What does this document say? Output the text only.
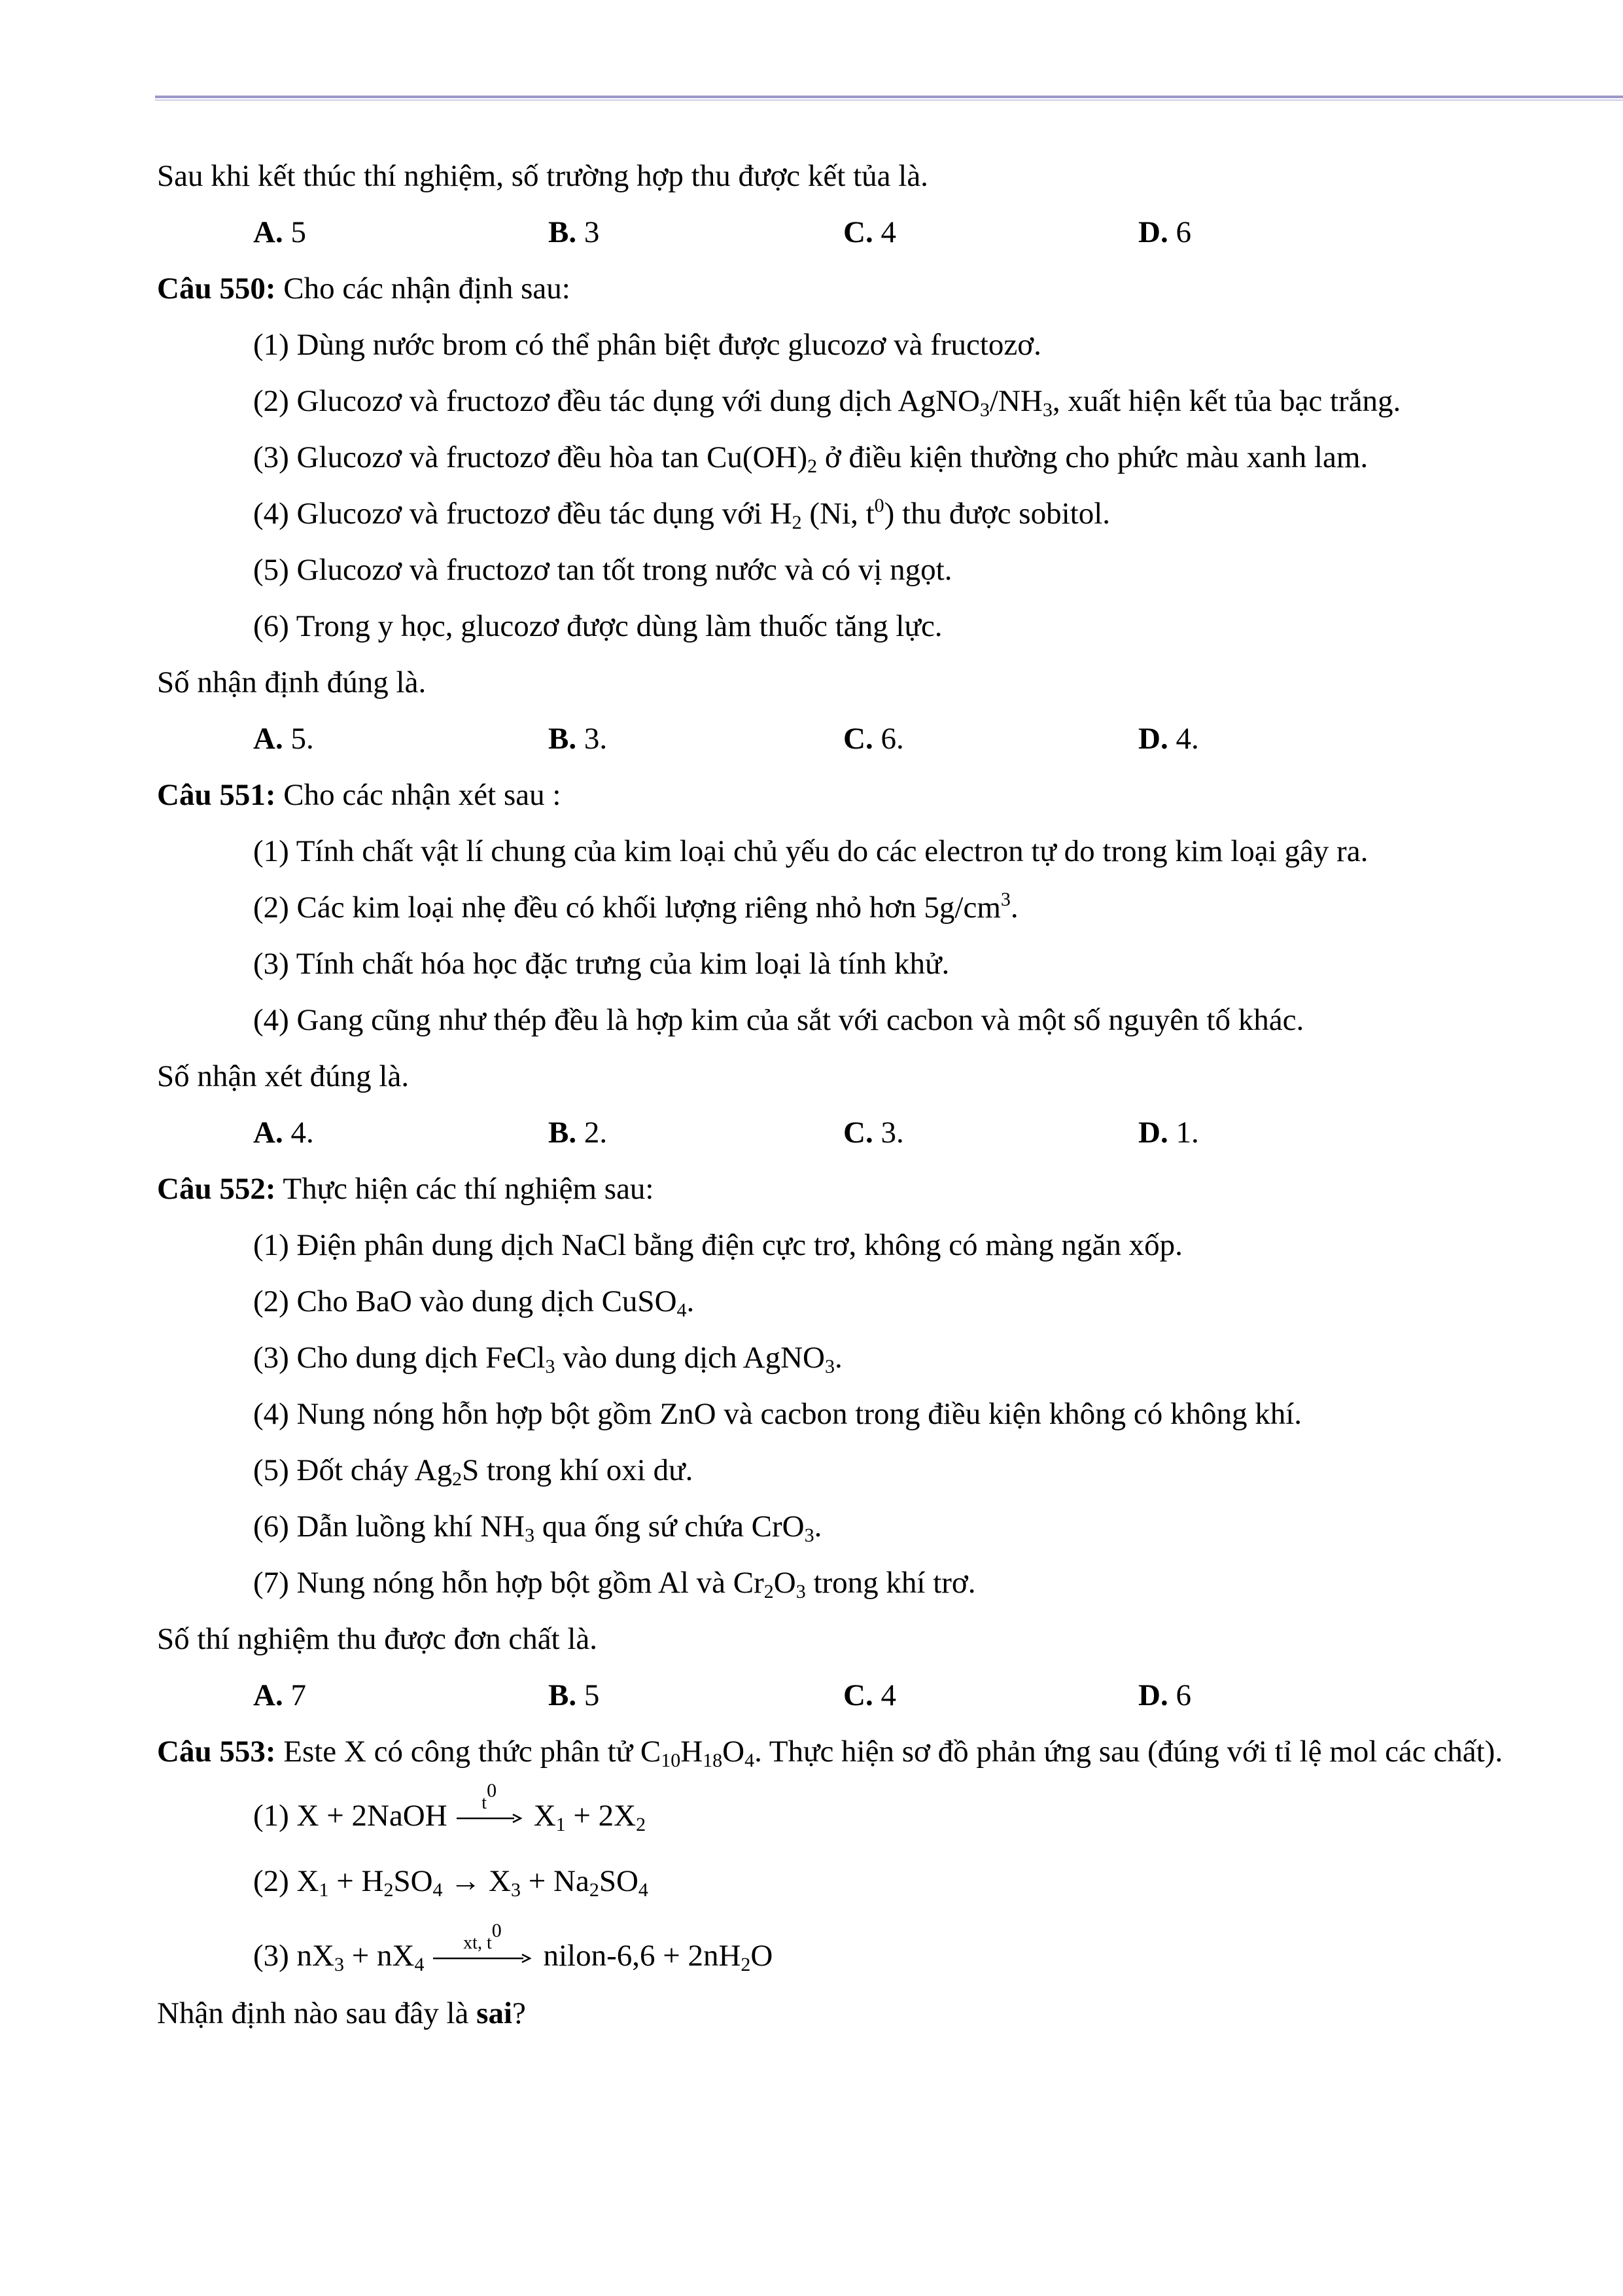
Sau khi kết thúc thí nghiệm, số trường hợp thu được kết tủa là.
A. 5	B. 3	C. 4	D. 6
Câu 550: Cho các nhận định sau:
(1) Dùng nước brom có thể phân biệt được glucozơ và fructozơ.
(2) Glucozơ và fructozơ đều tác dụng với dung dịch $AgNO_3/NH_3$, xuất hiện kết tủa bạc trắng.
(3) Glucozơ và fructozơ đều hòa $\tan Cu(OH)_2$ ở điều kiện thường cho phức màu xanh lam.
(4) Glucozơ và fructozơ đều tác dụng với $H_2$ (Ni, $t^0$) thu được sobitol.
(5) Glucozơ và fructozơ tan tốt trong nước và có vị ngọt.
(6) Trong y học, glucozơ được dùng làm thuốc tăng lực.
Số nhận định đúng là.
A. 5.	B. 3.	C. 6.	D. 4.
Câu 551: Cho các nhận xét sau :
(1) Tính chất vật lí chung của kim loại chủ yếu do các electron tự do trong kim loại gây ra.
(2) Các kim loại nhẹ đều có khối lượng riêng nhỏ hơn $5g/cm^3$.
(3) Tính chất hóa học đặc trưng của kim loại là tính khử.
(4) Gang cũng như thép đều là hợp kim của sắt với cacbon và một số nguyên tố khác.
Số nhận xét đúng là.
A. 4.	B. 2.	C. 3.	D. 1.
Câu 552: Thực hiện các thí nghiệm sau:
(1) Điện phân dung dịch NaCl bằng điện cực trơ, không có màng ngăn xốp.
(2) Cho BaO vào dung dịch CuSO$_4$.
(3) Cho dung dịch FeCl$_3$ vào dung dịch AgNO$_3$.
(4) Nung nóng hỗn hợp bột gồm ZnO và cacbon trong điều kiện không có không khí.
(5) Đốt cháy $Ag_2S$ trong khí oxi dư.
(6) Dẫn luồng khí $NH_3$ qua ống sứ chứa CrO$_3$.
(7) Nung nóng hỗn hợp bột gồm Al và $Cr_2O_3$ trong khí trơ.
Số thí nghiệm thu được đơn chất là.
A. 7	B. 5	C. 4	D. 6
Câu 553: Este X có công thức phân tử $C_{10}H_{18}O_4$. Thực hiện sơ đồ phản ứng sau (đúng với tỉ lệ mol các chất).
(1) X + 2NaOH	$t^0$
$X_1 + 2X_2$
(2) $X_1 + H_2SO_4 \to X_3 + Na_2SO_4$
(3) $nX_3 + nX_4$
xt, $t^0$
nilon-6,6 + $2nH_2O$
Nhận định nào sau đây là sai?
